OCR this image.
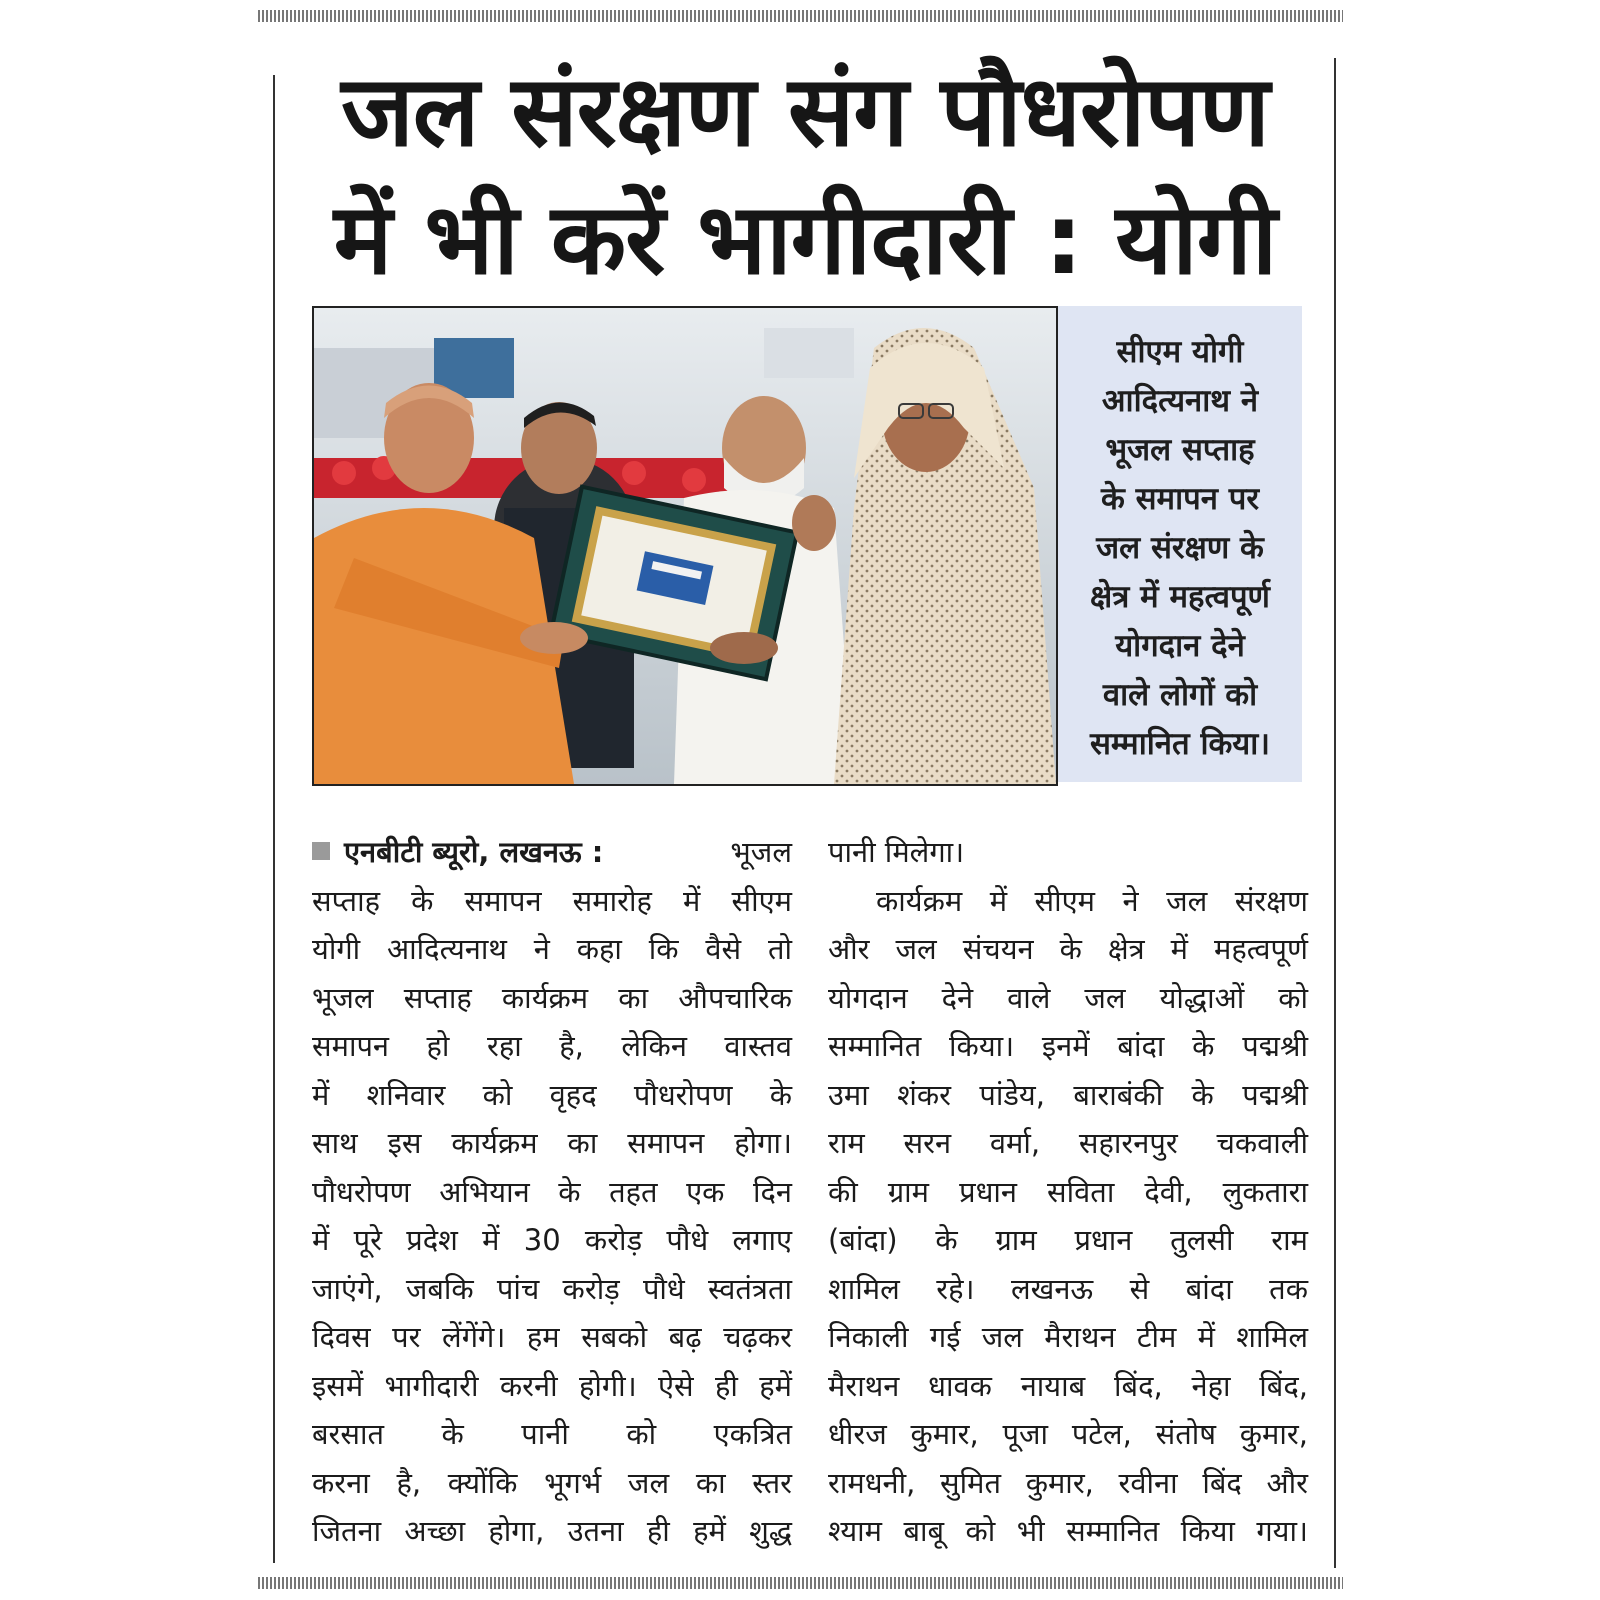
जल संरक्षण संग पौधरोपण
में भी करें भागीदारी : योगी

सीएम योगी

आदित्यनाथ ने

भूजल सप्ताह

के समापन पर

जल संरक्षण के

क्षेत्र में महत्वपूर्ण

योगदान देने

वाले लोगों को

सम्मानित किया।

एनबीटी ब्यूरो, लखनऊ :	भूजल
सप्ताह के समापन समारोह में सीएम
योगी आदित्यनाथ ने कहा कि वैसे तो
भूजल सप्ताह कार्यक्रम का औपचारिक
समापन हो रहा है, लेकिन वास्तव
में शनिवार को वृहद पौधरोपण के
साथ इस कार्यक्रम का समापन होगा।
पौधरोपण अभियान के तहत एक दिन
में पूरे प्रदेश में 30 करोड़ पौधे लगाए
जाएंगे, जबकि पांच करोड़ पौधे स्वतंत्रता
दिवस पर लेंगेंगे। हम सबको बढ़ चढ़कर
इसमें भागीदारी करनी होगी। ऐसे ही हमें
बरसात के पानी को एकत्रित
करना है, क्योंकि भूगर्भ जल का स्तर
जितना अच्छा होगा, उतना ही हमें शुद्ध
पानी मिलेगा।
कार्यक्रम में सीएम ने जल संरक्षण
और जल संचयन के क्षेत्र में महत्वपूर्ण
योगदान देने वाले जल योद्धाओं को
सम्मानित किया। इनमें बांदा के पद्मश्री
उमा शंकर पांडेय, बाराबंकी के पद्मश्री
राम सरन वर्मा, सहारनपुर चकवाली
की ग्राम प्रधान सविता देवी, लुकतारा
(बांदा) के ग्राम प्रधान तुलसी राम
शामिल रहे। लखनऊ से बांदा तक
निकाली गई जल मैराथन टीम में शामिल
मैराथन धावक नायाब बिंद, नेहा बिंद,
धीरज कुमार, पूजा पटेल, संतोष कुमार,
रामधनी, सुमित कुमार, रवीना बिंद और
श्याम बाबू को भी सम्मानित किया गया।
